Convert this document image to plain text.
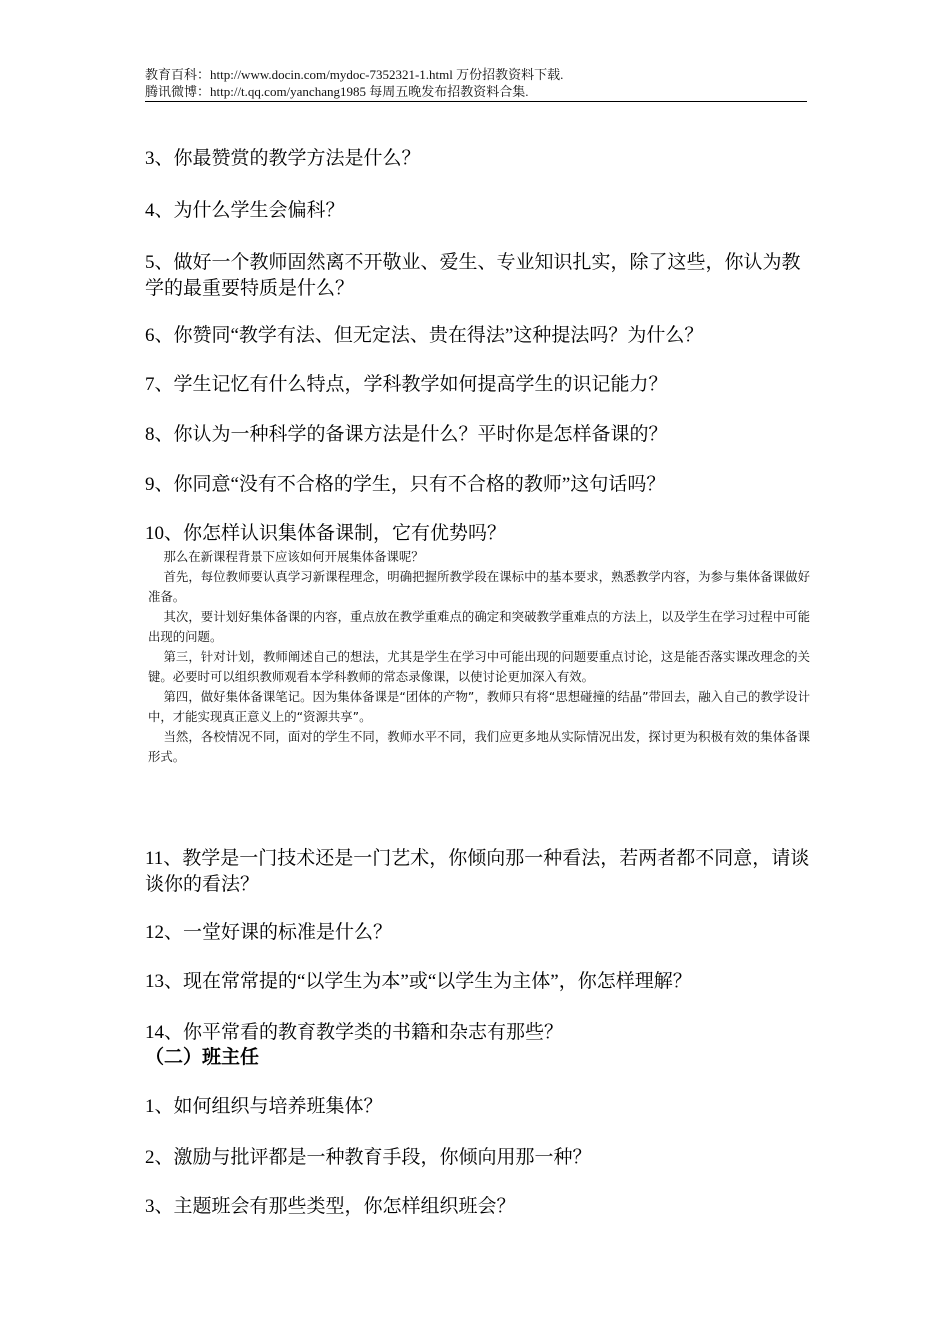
教育百科：http://www.docin.com/mydoc-7352321-1.html 万份招教资料下载.
腾讯微博：http://t.qq.com/yanchang1985 每周五晚发布招教资料合集.
3、你最赞赏的教学方法是什么？
4、为什么学生会偏科？
5、做好一个教师固然离不开敬业、爱生、专业知识扎实，除了这些，你认为教学的最重要特质是什么？
6、你赞同“教学有法、但无定法、贵在得法”这种提法吗？为什么？
7、学生记忆有什么特点，学科教学如何提高学生的识记能力？
8、你认为一种科学的备课方法是什么？平时你是怎样备课的？
9、你同意“没有不合格的学生，只有不合格的教师”这句话吗？
10、你怎样认识集体备课制，它有优势吗？

那么在新课程背景下应该如何开展集体备课呢？

首先，每位教师要认真学习新课程理念，明确把握所教学段在课标中的基本要求，熟悉教学内容，为参与集体备课做好准备。

其次，要计划好集体备课的内容，重点放在教学重难点的确定和突破教学重难点的方法上，以及学生在学习过程中可能出现的问题。

第三，针对计划，教师阐述自己的想法，尤其是学生在学习中可能出现的问题要重点讨论，这是能否落实课改理念的关键。必要时可以组织教师观看本学科教师的常态录像课，以使讨论更加深入有效。

第四，做好集体备课笔记。因为集体备课是“团体的产物”，教师只有将“思想碰撞的结晶”带回去，融入自己的教学设计中，才能实现真正意义上的“资源共享”。

当然，各校情况不同，面对的学生不同，教师水平不同，我们应更多地从实际情况出发，探讨更为积极有效的集体备课形式。

11、教学是一门技术还是一门艺术，你倾向那一种看法，若两者都不同意，请谈谈你的看法？
12、一堂好课的标准是什么？
13、现在常常提的“以学生为本”或“以学生为主体”，你怎样理解？
14、你平常看的教育教学类的书籍和杂志有那些？
（二）班主任
1、如何组织与培养班集体？
2、激励与批评都是一种教育手段，你倾向用那一种？
3、主题班会有那些类型，你怎样组织班会？
